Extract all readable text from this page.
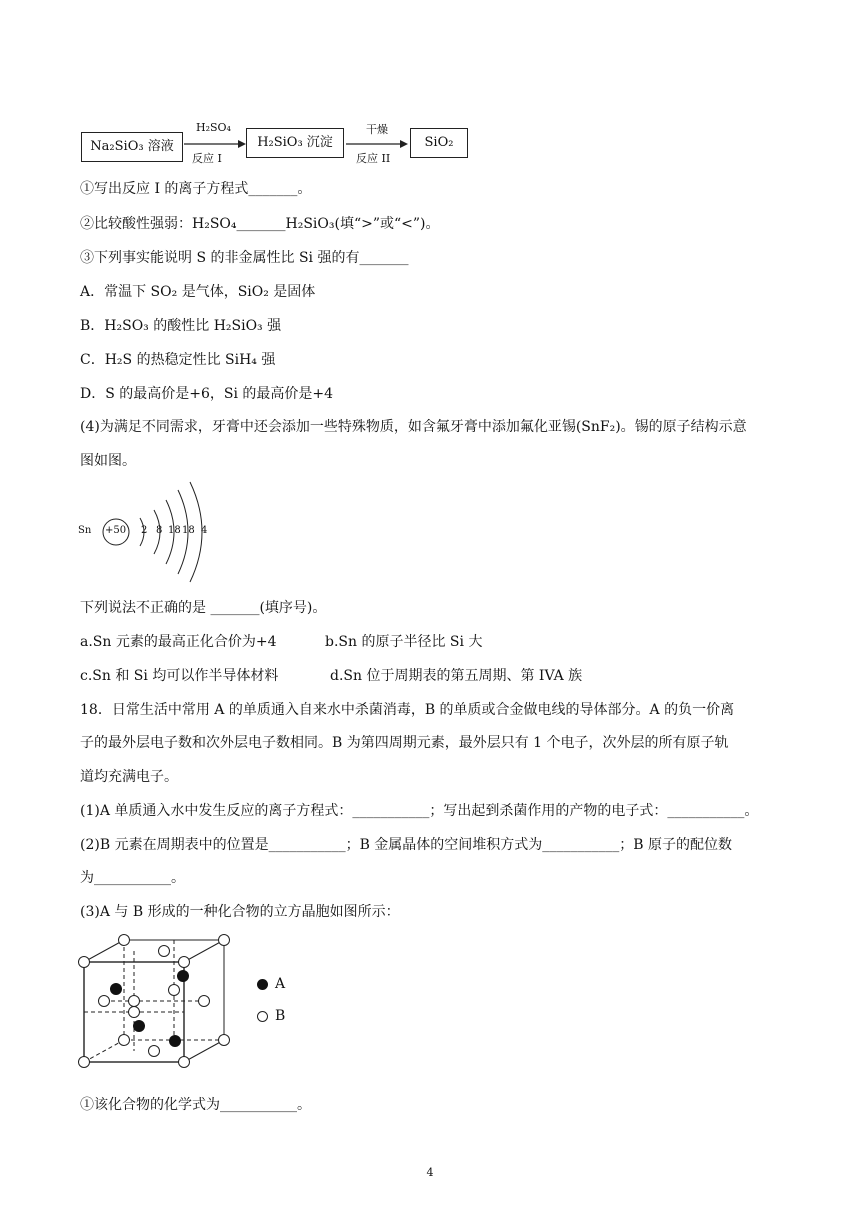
Na₂SiO₃ 溶液
H₂SO₄
反应 I
H₂SiO₃ 沉淀
干燥
反应 II
SiO₂
①写出反应 I 的离子方程式_______。
②比较酸性强弱：H₂SO₄_______H₂SiO₃(填“>”或“<”)。
③下列事实能说明 S 的非金属性比 Si 强的有_______
A．常温下 SO₂ 是气体，SiO₂ 是固体
B．H₂SO₃ 的酸性比 H₂SiO₃ 强
C．H₂S 的热稳定性比 SiH₄ 强
D．S 的最高价是+6，Si 的最高价是+4
(4)为满足不同需求，牙膏中还会添加一些特殊物质，如含氟牙膏中添加氟化亚锡(SnF₂)。锡的原子结构示意
图如图。
Sn +50 2 8 18 18 4
下列说法不正确的是 _______(填序号)。
a.Sn 元素的最高正化合价为+4	b.Sn 的原子半径比 Si 大
c.Sn 和 Si 均可以作半导体材料	d.Sn 位于周期表的第五周期、第 IVA 族
18．日常生活中常用 A 的单质通入自来水中杀菌消毒，B 的单质或合金做电线的导体部分。A 的负一价离
子的最外层电子数和次外层电子数相同。B 为第四周期元素，最外层只有 1 个电子，次外层的所有原子轨
道均充满电子。
(1)A 单质通入水中发生反应的离子方程式：___________；写出起到杀菌作用的产物的电子式：___________。
(2)B 元素在周期表中的位置是___________；B 金属晶体的空间堆积方式为___________；B 原子的配位数
为___________。
(3)A 与 B 形成的一种化合物的立方晶胞如图所示：
A
B
①该化合物的化学式为___________。
4
